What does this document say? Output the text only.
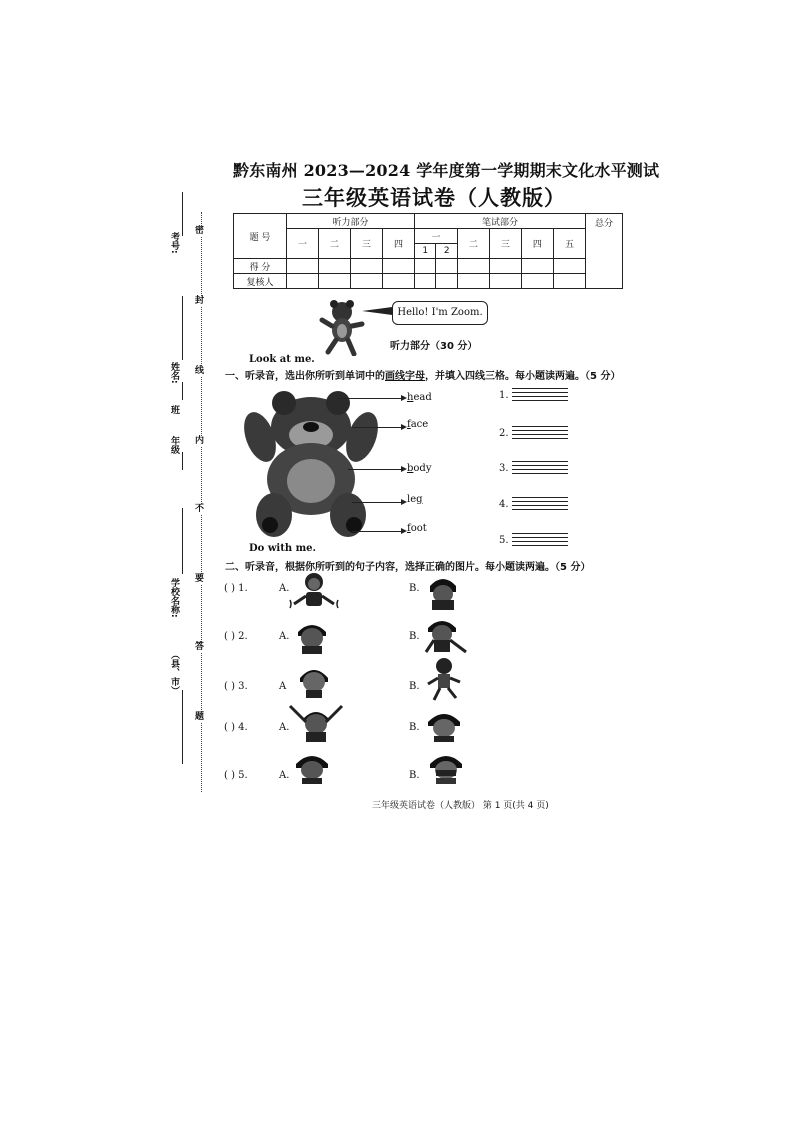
考号:
姓名:
年级
班
学校名称:
（县、市）
密
封
线
内
不
要
答
题
黔东南州 2023—2024 学年度第一学期期末文化水平测试
三年级英语试卷（人教版）
题 号	听力部分				笔试部分						总分
	一	二	三	四	一		二	三	四	五	
					1	2					
得 分											
复核人											
Hello! I'm Zoom.
听力部分（30 分）
Look at me.
一、听录音，选出你所听到单词中的画线字母，并填入四线三格。每小题读两遍。（5 分）
head
face
body
leg
foot
1.
2.
3.
4.
5.
Do with me.
二、听录音，根据你所听到的句子内容，选择正确的图片。每小题读两遍。（5 分）
( ) 1.	A.	B.
( ) 2.	A.	B.
( ) 3.	A	B.
( ) 4.	A.	B.
( ) 5.	A.	B.
三年级英语试卷（人教版） 第 1 页(共 4 页)
